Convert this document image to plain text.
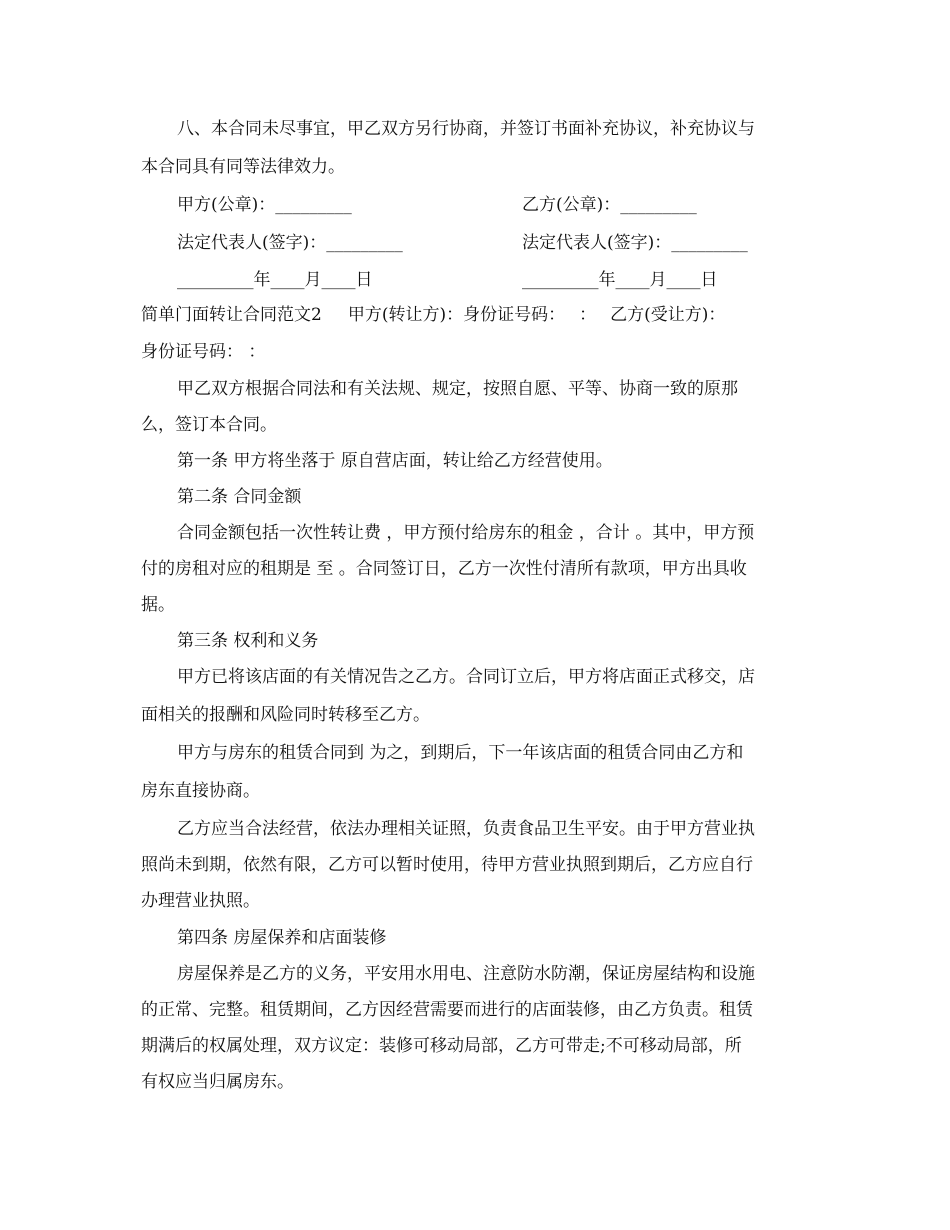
八、本合同未尽事宜，甲乙双方另行协商，并签订书面补充协议，补充协议与
本合同具有同等法律效力。
甲方(公章)：_________	乙方(公章)：_________
法定代表人(签字)：_________	法定代表人(签字)：_________
_________年____月____日	_________年____月____日
简单门面转让合同范文2 甲方(转让方)：身份证号码： ： 乙方(受让方)：
身份证号码： ：
甲乙双方根据合同法和有关法规、规定，按照自愿、平等、协商一致的原那
么，签订本合同。
第一条 甲方将坐落于 原自营店面，转让给乙方经营使用。
第二条 合同金额
合同金额包括一次性转让费 ，甲方预付给房东的租金 ，合计 。其中，甲方预
付的房租对应的租期是 至 。合同签订日，乙方一次性付清所有款项，甲方出具收
据。
第三条 权利和义务
甲方已将该店面的有关情况告之乙方。合同订立后，甲方将店面正式移交，店
面相关的报酬和风险同时转移至乙方。
甲方与房东的租赁合同到 为之，到期后，下一年该店面的租赁合同由乙方和
房东直接协商。
乙方应当合法经营，依法办理相关证照，负责食品卫生平安。由于甲方营业执
照尚未到期，依然有限，乙方可以暂时使用，待甲方营业执照到期后，乙方应自行
办理营业执照。
第四条 房屋保养和店面装修
房屋保养是乙方的义务，平安用水用电、注意防水防潮，保证房屋结构和设施
的正常、完整。租赁期间，乙方因经营需要而进行的店面装修，由乙方负责。租赁
期满后的权属处理，双方议定：装修可移动局部，乙方可带走;不可移动局部，所
有权应当归属房东。
